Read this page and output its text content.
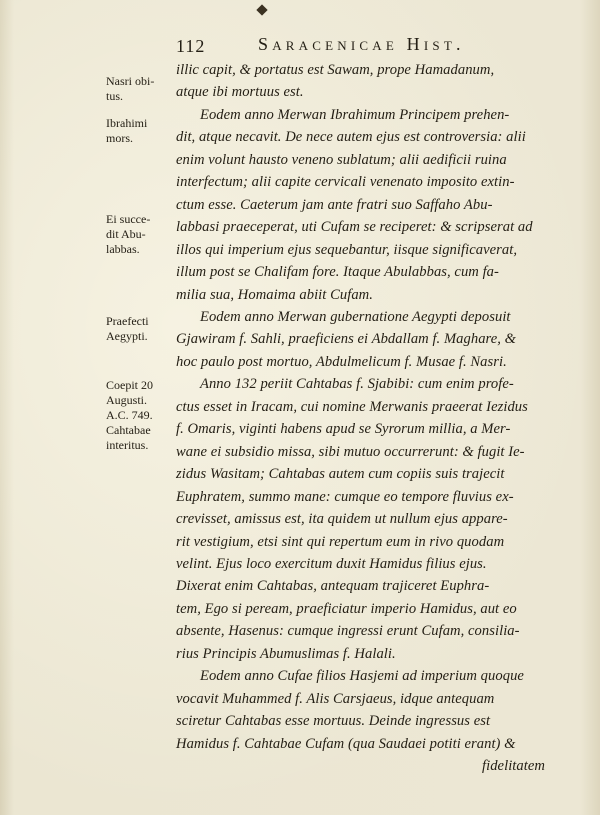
112	Saracenicae Hist.
Nasri obi-
tus.
Ibrahimi
mors.
Ei succe-
dit Abu-
labbas.
Praefecti
Aegypti.
Coepit 20
Augusti.
A.C. 749.
Cahtabae
interitus.
illic capit, & portatus est Sawam, prope Hamadanum,
atque ibi mortuus est.
Eodem anno Merwan Ibrahimum Principem prehen-
dit, atque necavit. De nece autem ejus est controversia: alii
enim volunt hausto veneno sublatum; alii aedificii ruina
interfectum; alii capite cervicali venenato imposito extin-
ctum esse. Caeterum jam ante fratri suo Saffaho Abu-
labbasi praeceperat, uti Cufam se reciperet: & scripserat ad
illos qui imperium ejus sequebantur, iisque significaverat,
illum post se Chalifam fore. Itaque Abulabbas, cum fa-
milia sua, Homaima abiit Cufam.
Eodem anno Merwan gubernatione Aegypti deposuit
Gjawiram f. Sahli, praeficiens ei Abdallam f. Maghare, &
hoc paulo post mortuo, Abdulmelicum f. Musae f. Nasri.
Anno 132 periit Cahtabas f. Sjabibi: cum enim profe-
ctus esset in Iracam, cui nomine Merwanis praeerat Iezidus
f. Omaris, viginti habens apud se Syrorum millia, a Mer-
wane ei subsidio missa, sibi mutuo occurrerunt: & fugit Ie-
zidus Wasitam; Cahtabas autem cum copiis suis trajecit
Euphratem, summo mane: cumque eo tempore fluvius ex-
crevisset, amissus est, ita quidem ut nullum ejus appare-
rit vestigium, etsi sint qui repertum eum in rivo quodam
velint. Ejus loco exercitum duxit Hamidus filius ejus.
Dixerat enim Cahtabas, antequam trajiceret Euphra-
tem, Ego si peream, praeficiatur imperio Hamidus, aut eo
absente, Hasenus: cumque ingressi erunt Cufam, consilia-
rius Principis Abumuslimas f. Halali.
Eodem anno Cufae filios Hasjemi ad imperium quoque
vocavit Muhammed f. Alis Carsjaeus, idque antequam
sciretur Cahtabas esse mortuus. Deinde ingressus est
Hamidus f. Cahtabae Cufam (qua Saudaei potiti erant) &
fidelitatem
